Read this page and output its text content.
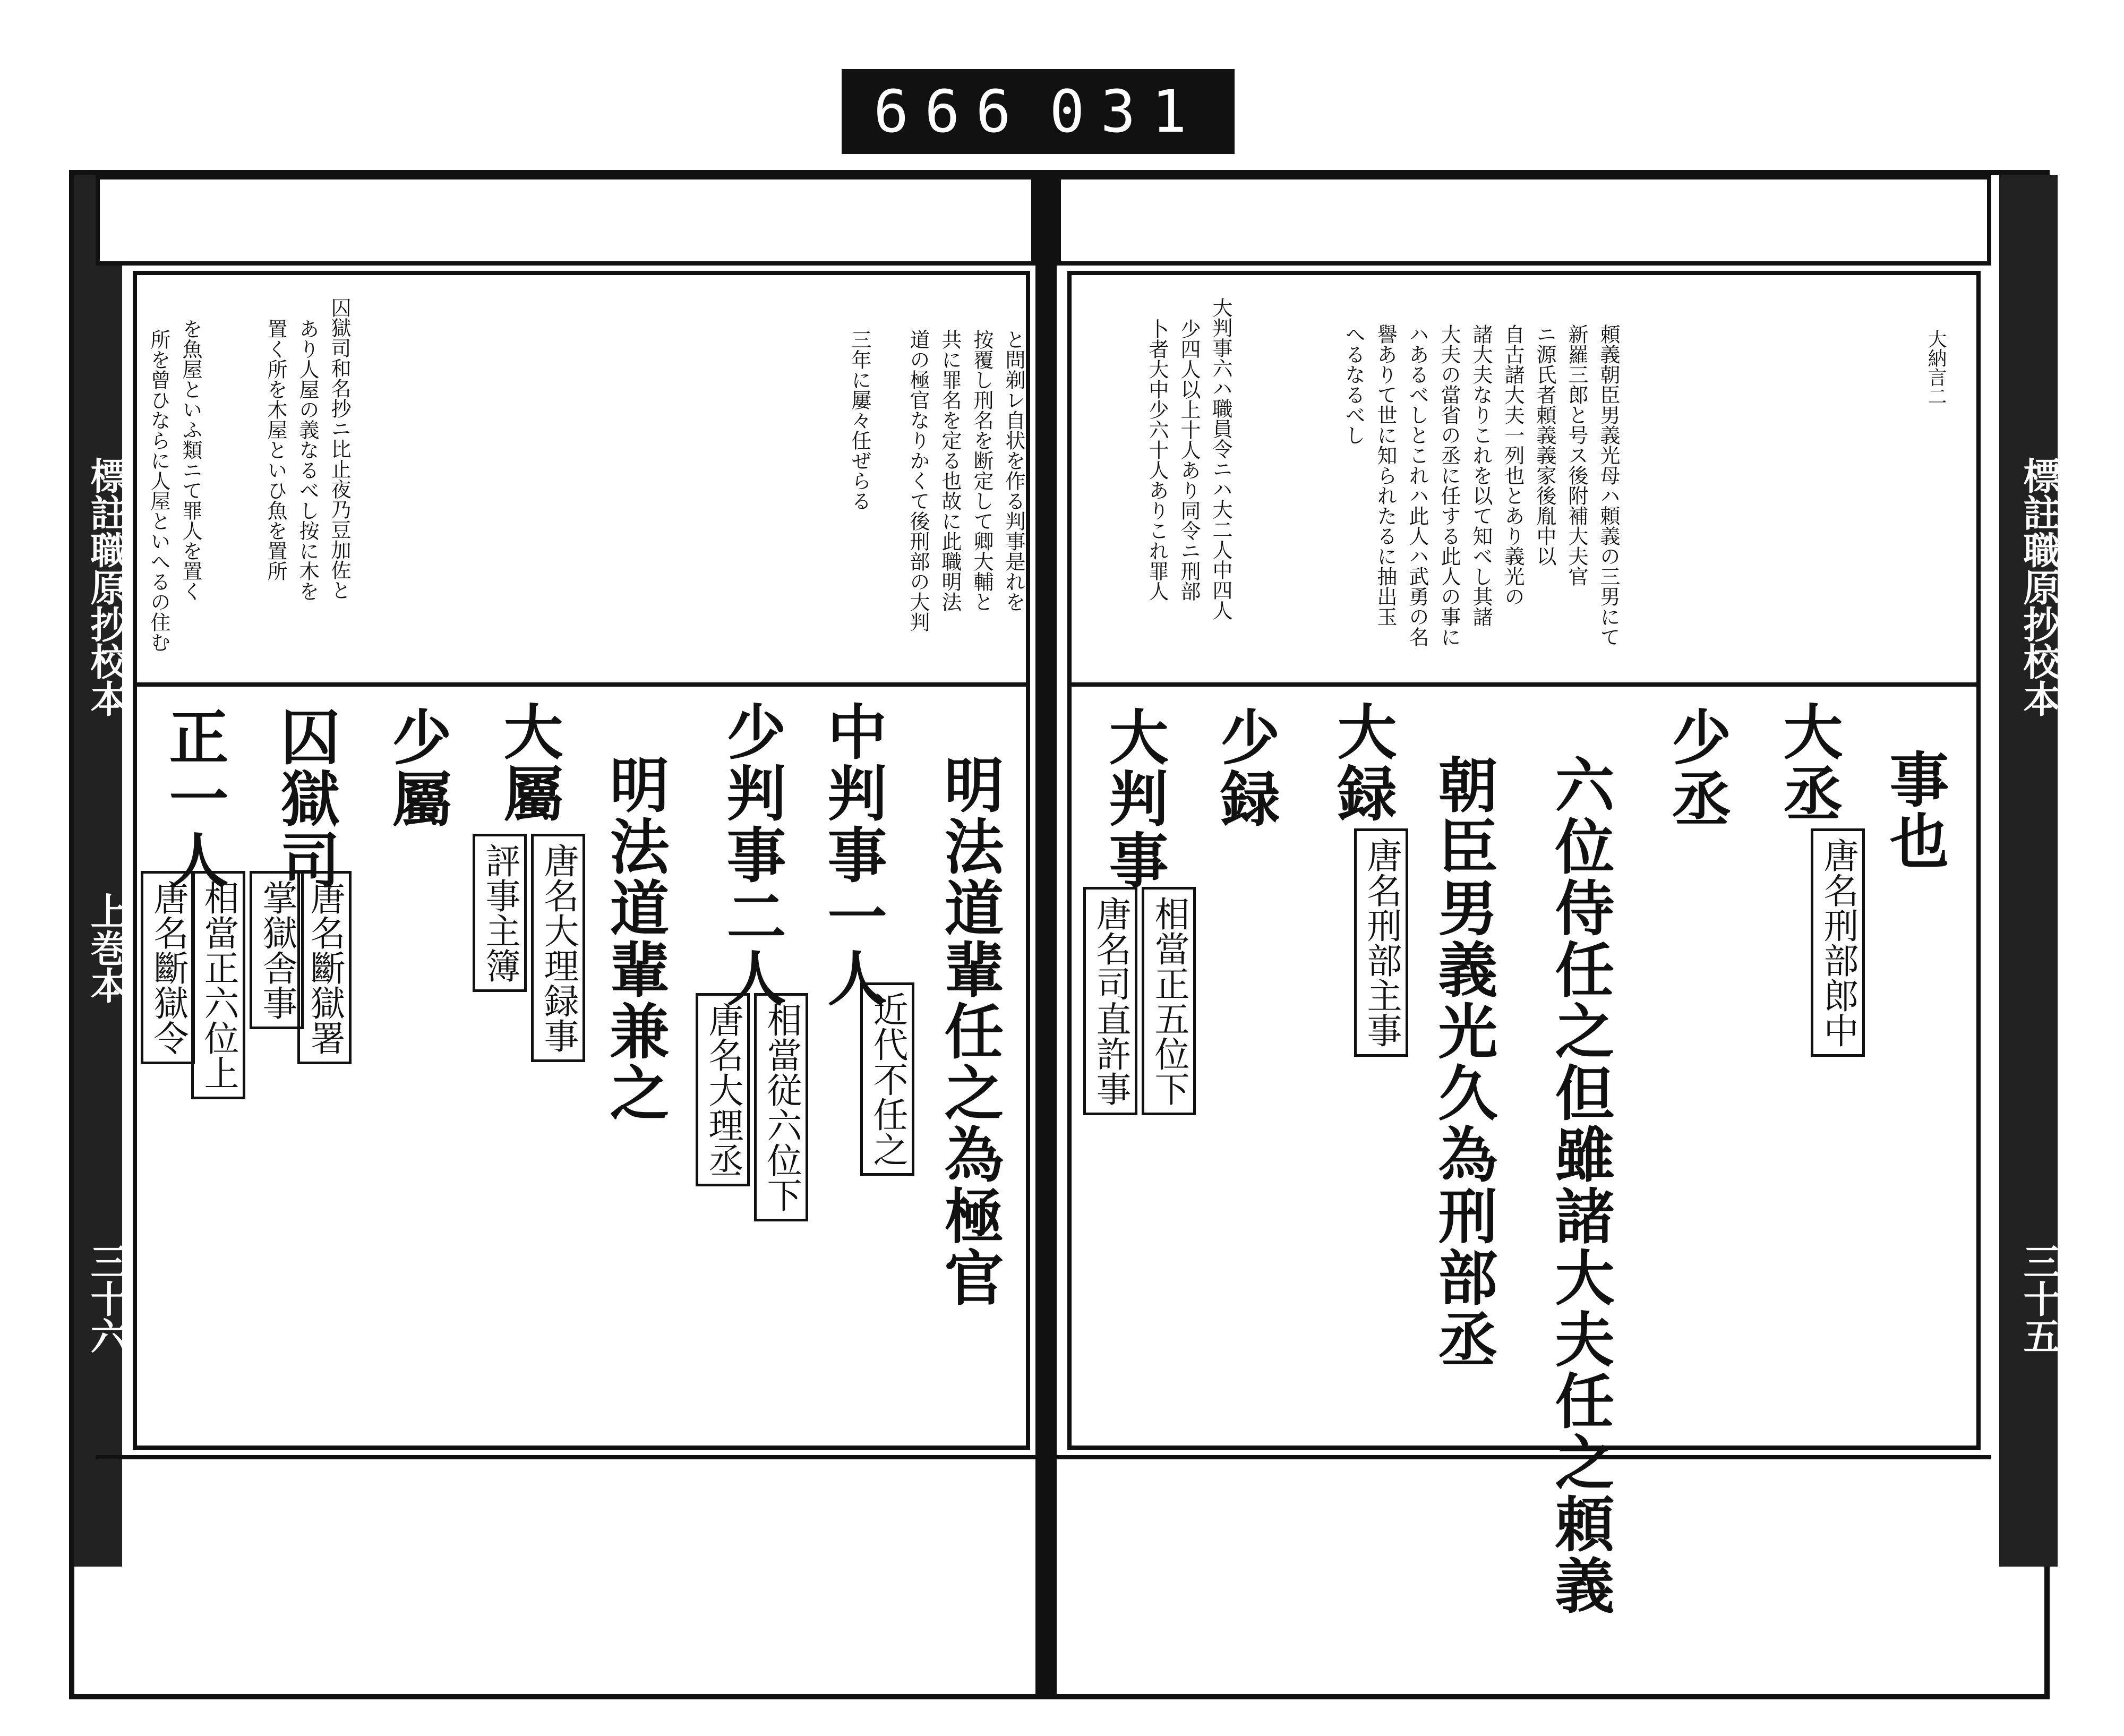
666 031
標註職原抄校本
上巻本
三十六
標註職原抄校本
三十五
大納言二
頼義朝臣男義光母ハ頼義の三男にて
新羅三郎と号ス後附補大夫官
ニ源氏者頼義義家後胤中以
自古諸大夫一列也とあり義光の
諸大夫なりこれを以て知べし其諸
大夫の當省の丞に任する此人の事に
ハあるべしとこれハ此人ハ武勇の名
譽ありて世に知られたるに抽出玉
へるなるべし
大判事六ハ職員令ニハ大二人中四人
少四人以上十人あり同令ニ刑部
卜者大中少六十人ありこれ罪人
事也
大丞
唐名刑部郎中
少丞
六位侍任之但雖諸大夫任之頼義
朝臣男義光久為刑部丞
大録
唐名刑部主事
少録
大判事
相當正五位下
唐名司直許事
と問剃レ自状を作る判事是れを
按覆し刑名を断定して卿大輔と
共に罪名を定る也故に此職明法
道の極官なりかくて後刑部の大判
三年に屢々任ぜらる
囚獄司和名抄ニ比止夜乃豆加佐と
あり人屋の義なるべし按に木を
置く所を木屋といひ魚を置所
を魚屋といふ類ニて罪人を置く
所を曾ひならに人屋といへるの住む
明法道輩任之為極官
中判事一人
近代不任之
少判事二人
相當従六位下
唐名大理丞
明法道輩兼之
大屬
唐名大理録事
評事主簿
少屬
囚獄司
唐名斷獄署
掌獄舎事
正一人
相當正六位上
唐名斷獄令
